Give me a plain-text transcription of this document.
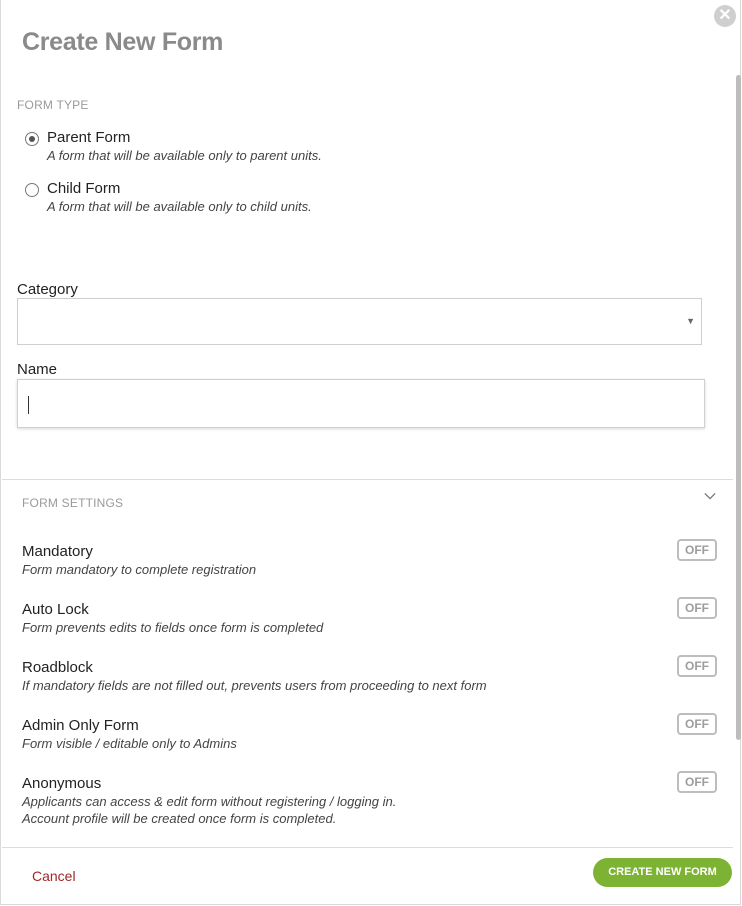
✕
Create New Form
FORM TYPE
Parent Form
A form that will be available only to parent units.
Child Form
A form that will be available only to child units.
Category
▼
Name
FORM SETTINGS
Mandatory
Form mandatory to complete registration
OFF
Auto Lock
Form prevents edits to fields once form is completed
OFF
Roadblock
If mandatory fields are not filled out, prevents users from proceeding to next form
OFF
Admin Only Form
Form visible / editable only to Admins
OFF
Anonymous
Applicants can access & edit form without registering / logging in.
Account profile will be created once form is completed.
OFF
Cancel	CREATE NEW FORM
